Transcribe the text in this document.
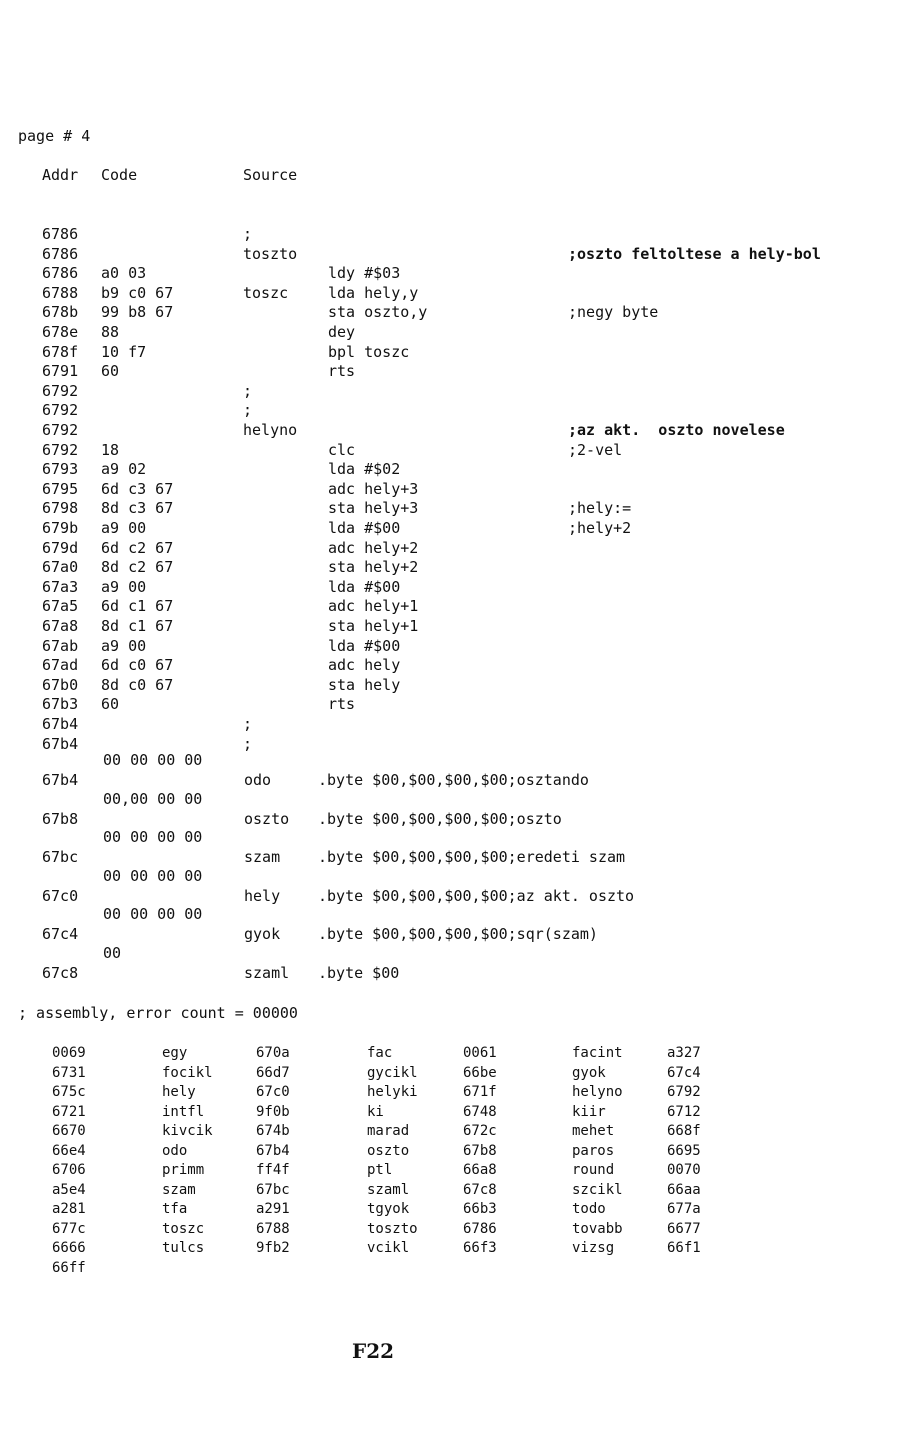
page # 4
Addr Code	Source
6786	;
6786	toszto	;oszto feltoltese a hely-bol
6786 a0 03	ldy #$03
6788 b9 c0 67	toszc	lda hely,y
678b 99 b8 67	sta oszto,y	;negy byte
678e 88	dey
678f 10 f7	bpl toszc
6791 60	rts
6792	;
6792	;
6792	helyno	;az akt.  oszto novelese
6792 18	clc	;2-vel
6793 a9 02	lda #$02
6795 6d c3 67	adc hely+3
6798 8d c3 67	sta hely+3	;hely:=
679b a9 00	lda #$00	;hely+2
679d 6d c2 67	adc hely+2
67a0 8d c2 67	sta hely+2
67a3 a9 00	lda #$00
67a5 6d c1 67	adc hely+1
67a8 8d c1 67	sta hely+1
67ab a9 00	lda #$00
67ad 6d c0 67	adc hely
67b0 8d c0 67	sta hely
67b3 60	rts
67b4	;
67b4	;
00 00 00 00
67b4	odo	.byte $00,$00,$00,$00;osztando
00,00 00 00
67b8	oszto .byte $00,$00,$00,$00;oszto
00 00 00 00
67bc	szam	.byte $00,$00,$00,$00;eredeti szam
00 00 00 00
67c0	hely	.byte $00,$00,$00,$00;az akt. oszto
00 00 00 00
67c4	gyok	.byte $00,$00,$00,$00;sqr(szam)
00
67c8	szaml .byte $00
; assembly, error count = 00000
0069	egy	670a	fac	0061	facint	a327
6731	focikl	66d7	gycikl	66be	gyok	67c4
675c	hely	67c0	helyki	671f	helyno	6792
6721	intfl	9f0b	ki	6748	kiir	6712
6670	kivcik	674b	marad	672c	mehet	668f
66e4	odo	67b4	oszto	67b8	paros	6695
6706	primm	ff4f	ptl	66a8	round	0070
a5e4	szam	67bc	szaml	67c8	szcikl	66aa
a281	tfa	a291	tgyok	66b3	todo	677a
677c	toszc	6788	toszto	6786	tovabb	6677
6666	tulcs	9fb2	vcikl	66f3	vizsg	66f1
66ff
F22
